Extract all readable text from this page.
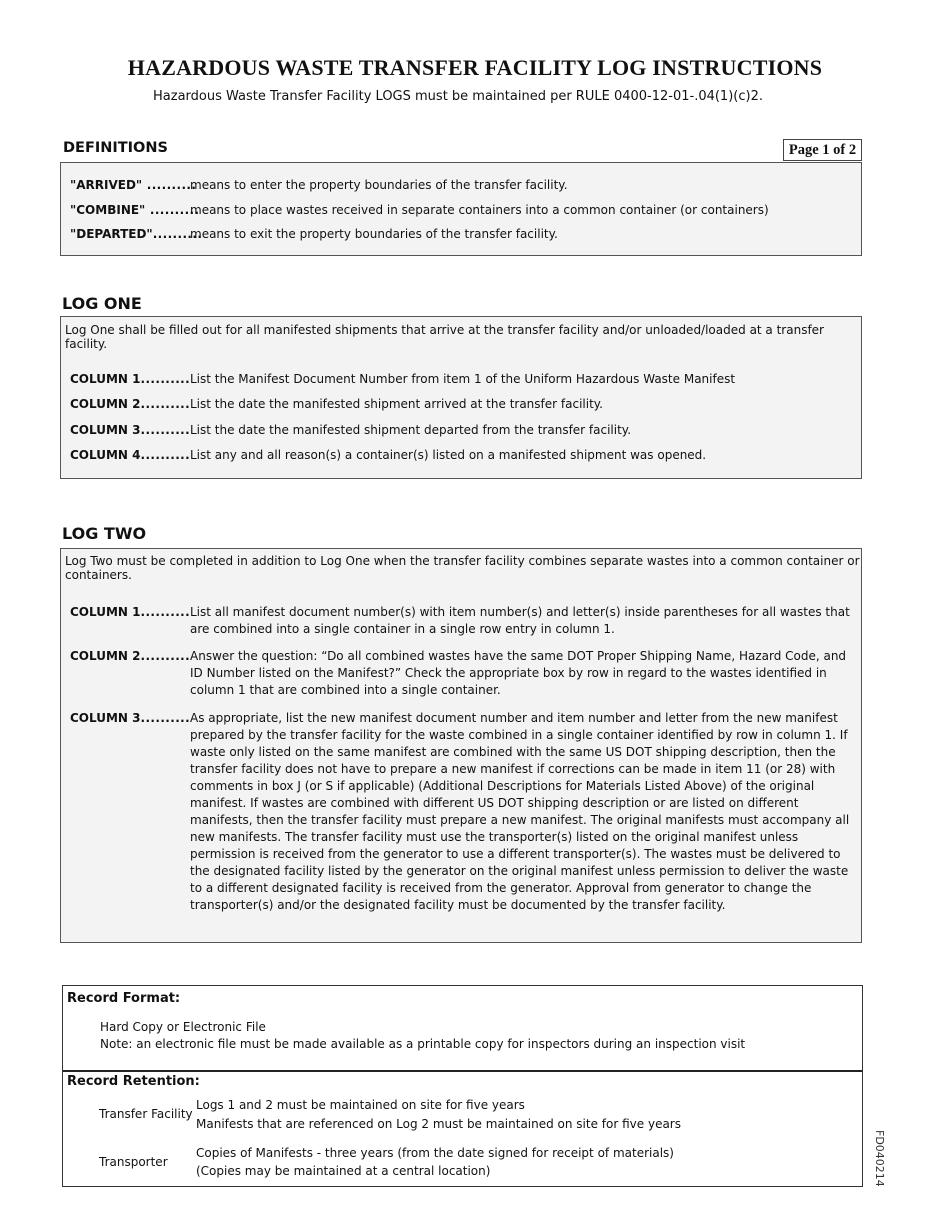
HAZARDOUS WASTE TRANSFER FACILITY LOG INSTRUCTIONS
Hazardous Waste Transfer Facility LOGS must be maintained per RULE 0400-12-01-.04(1)(c)2.
DEFINITIONS	Page 1 of 2
"ARRIVED" ..........
means to enter the property boundaries of the transfer facility.
"COMBINE" ..........
means to place wastes received in separate containers into a common container (or containers)
"DEPARTED"..........
means to exit the property boundaries of the transfer facility.
LOG ONE
Log One shall be filled out for all manifested shipments that arrive at the transfer facility and/or unloaded/loaded at a transfer facility.
COLUMN 1.......... List the Manifest Document Number from item 1 of the Uniform Hazardous Waste Manifest
COLUMN 2.......... List the date the manifested shipment arrived at the transfer facility.
COLUMN 3.......... List the date the manifested shipment departed from the transfer facility.
COLUMN 4.......... List any and all reason(s) a container(s) listed on a manifested shipment was opened.
LOG TWO
Log Two must be completed in addition to Log One when the transfer facility combines separate wastes into a common container or containers.
COLUMN 1.......... List all manifest document number(s) with item number(s) and letter(s) inside parentheses for all wastes that are combined into a single container in a single row entry in column 1.
COLUMN 2.......... Answer the question: “Do all combined wastes have the same DOT Proper Shipping Name, Hazard Code, and ID Number listed on the Manifest?” Check the appropriate box by row in regard to the wastes identified in column 1 that are combined into a single container.
COLUMN 3.......... As appropriate, list the new manifest document number and item number and letter from the new manifest prepared by the transfer facility for the waste combined in a single container identified by row in column 1. If waste only listed on the same manifest are combined with the same US DOT shipping description, then the transfer facility does not have to prepare a new manifest if corrections can be made in item 11 (or 28) with comments in box J (or S if applicable) (Additional Descriptions for Materials Listed Above) of the original manifest. If wastes are combined with different US DOT shipping description or are listed on different manifests, then the transfer facility must prepare a new manifest. The original manifests must accompany all new manifests. The transfer facility must use the transporter(s) listed on the original manifest unless permission is received from the generator to use a different transporter(s). The wastes must be delivered to the designated facility listed by the generator on the original manifest unless permission to deliver the waste to a different designated facility is received from the generator. Approval from generator to change the transporter(s) and/or the designated facility must be documented by the transfer facility.
Record Format:
Hard Copy or Electronic File
Note: an electronic file must be made available as a printable copy for inspectors during an inspection visit
Record Retention:
Transfer Facility
Logs 1 and 2 must be maintained on site for five years
Manifests that are referenced on Log 2 must be maintained on site for five years
Transporter
Copies of Manifests - three years (from the date signed for receipt of materials)
(Copies may be maintained at a central location)	FD040214
